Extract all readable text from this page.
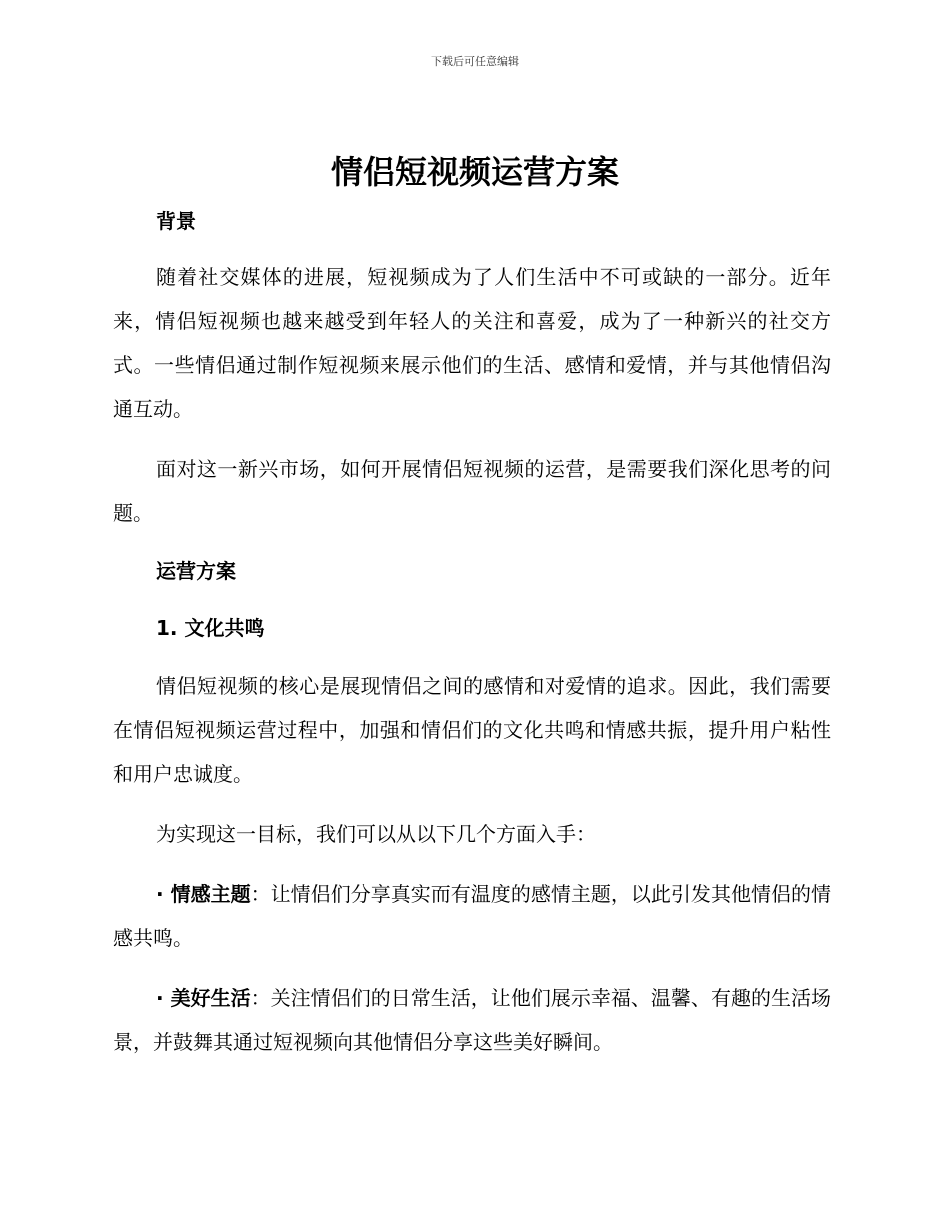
下载后可任意编辑
情侣短视频运营方案
背景

随着社交媒体的进展，短视频成为了人们生活中不可或缺的一部分。近年来，情侣短视频也越来越受到年轻人的关注和喜爱，成为了一种新兴的社交方式。一些情侣通过制作短视频来展示他们的生活、感情和爱情，并与其他情侣沟通互动。

面对这一新兴市场，如何开展情侣短视频的运营，是需要我们深化思考的问题。

运营方案
1. 文化共鸣

情侣短视频的核心是展现情侣之间的感情和对爱情的追求。因此，我们需要在情侣短视频运营过程中，加强和情侣们的文化共鸣和情感共振，提升用户粘性和用户忠诚度。

为实现这一目标，我们可以从以下几个方面入手：

· 情感主题：让情侣们分享真实而有温度的感情主题，以此引发其他情侣的情感共鸣。

· 美好生活：关注情侣们的日常生活，让他们展示幸福、温馨、有趣的生活场景，并鼓舞其通过短视频向其他情侣分享这些美好瞬间。
